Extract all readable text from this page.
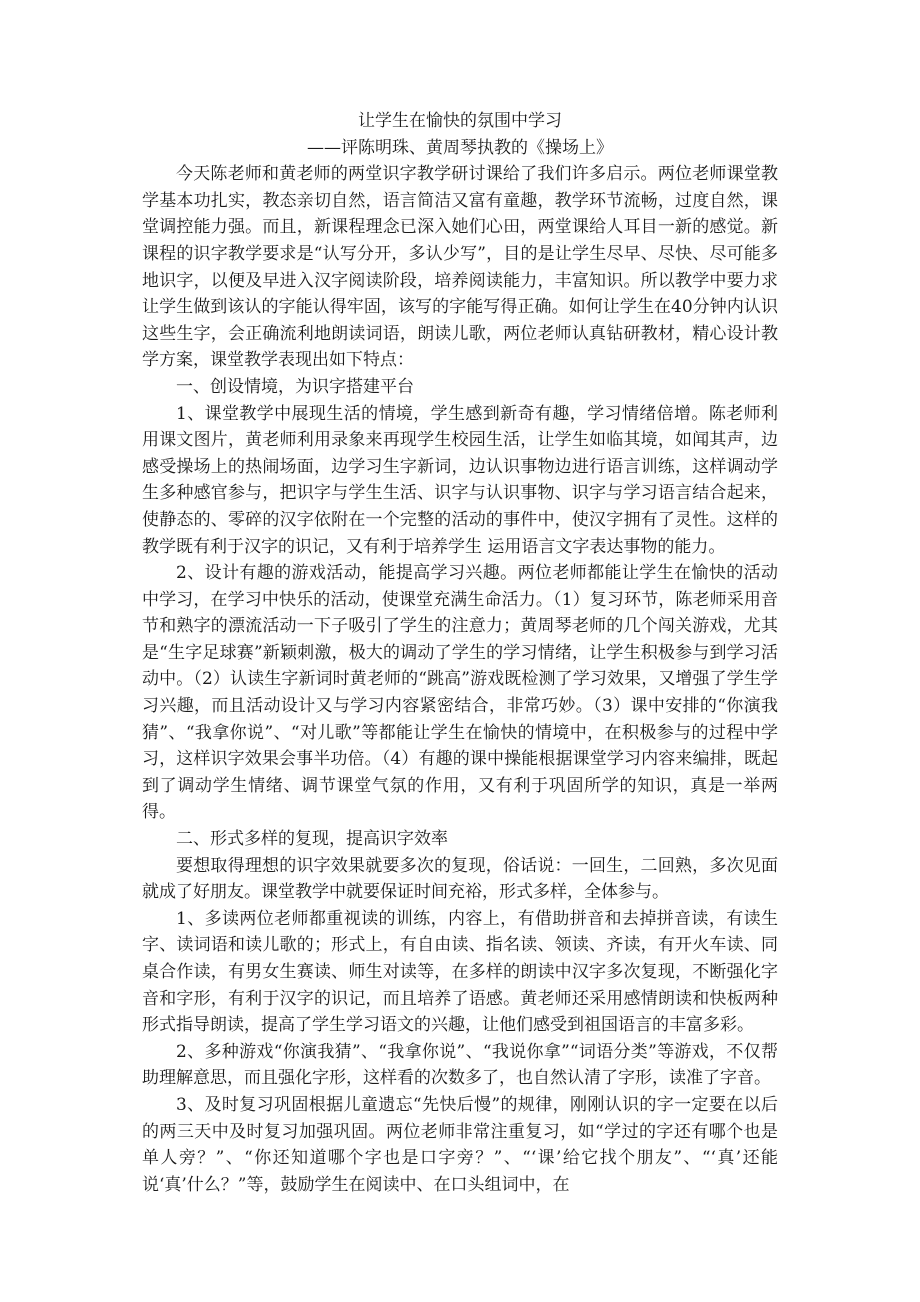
让学生在愉快的氛围中学习

——评陈明珠、黄周琴执教的《操场上》

今天陈老师和黄老师的两堂识字教学研讨课给了我们许多启示。两位老师课堂教学基本功扎实，教态亲切自然，语言简洁又富有童趣，教学环节流畅，过度自然，课堂调控能力强。而且，新课程理念已深入她们心田，两堂课给人耳目一新的感觉。新课程的识字教学要求是“认写分开，多认少写”，目的是让学生尽早、尽快、尽可能多地识字，以便及早进入汉字阅读阶段，培养阅读能力，丰富知识。所以教学中要力求让学生做到该认的字能认得牢固，该写的字能写得正确。如何让学生在40分钟内认识这些生字，会正确流利地朗读词语，朗读儿歌，两位老师认真钻研教材，精心设计教学方案，课堂教学表现出如下特点：

一、创设情境，为识字搭建平台

1、课堂教学中展现生活的情境，学生感到新奇有趣，学习情绪倍增。陈老师利用课文图片，黄老师利用录象来再现学生校园生活，让学生如临其境，如闻其声，边感受操场上的热闹场面，边学习生字新词，边认识事物边进行语言训练，这样调动学生多种感官参与，把识字与学生生活、识字与认识事物、识字与学习语言结合起来，使静态的、零碎的汉字依附在一个完整的活动的事件中，使汉字拥有了灵性。这样的教学既有利于汉字的识记，又有利于培养学生 运用语言文字表达事物的能力。

2、设计有趣的游戏活动，能提高学习兴趣。两位老师都能让学生在愉快的活动中学习，在学习中快乐的活动，使课堂充满生命活力。（1）复习环节，陈老师采用音节和熟字的漂流活动一下子吸引了学生的注意力；黄周琴老师的几个闯关游戏，尤其是“生字足球赛”新颖刺激，极大的调动了学生的学习情绪，让学生积极参与到学习活动中。（2）认读生字新词时黄老师的“跳高”游戏既检测了学习效果，又增强了学生学习兴趣，而且活动设计又与学习内容紧密结合，非常巧妙。（3）课中安排的“你演我猜”、“我拿你说”、“对儿歌”等都能让学生在愉快的情境中，在积极参与的过程中学习，这样识字效果会事半功倍。（4）有趣的课中操能根据课堂学习内容来编排，既起到了调动学生情绪、调节课堂气氛的作用，又有利于巩固所学的知识，真是一举两得。

二、形式多样的复现，提高识字效率

要想取得理想的识字效果就要多次的复现，俗话说：一回生，二回熟，多次见面就成了好朋友。课堂教学中就要保证时间充裕，形式多样，全体参与。

1、多读两位老师都重视读的训练，内容上，有借助拼音和去掉拼音读，有读生字、读词语和读儿歌的；形式上，有自由读、指名读、领读、齐读，有开火车读、同桌合作读，有男女生赛读、师生对读等，在多样的朗读中汉字多次复现，不断强化字音和字形，有利于汉字的识记，而且培养了语感。黄老师还采用感情朗读和快板两种形式指导朗读，提高了学生学习语文的兴趣，让他们感受到祖国语言的丰富多彩。

2、多种游戏“你演我猜”、“我拿你说”、“我说你拿”“词语分类”等游戏，不仅帮助理解意思，而且强化字形，这样看的次数多了，也自然认清了字形，读准了字音。

3、及时复习巩固根据儿童遗忘“先快后慢”的规律，刚刚认识的字一定要在以后的两三天中及时复习加强巩固。两位老师非常注重复习，如“学过的字还有哪个也是单人旁？”、“你还知道哪个字也是口字旁？”、“‘课’给它找个朋友”、“‘真’还能说‘真’什么？”等，鼓励学生在阅读中、在口头组词中，在
